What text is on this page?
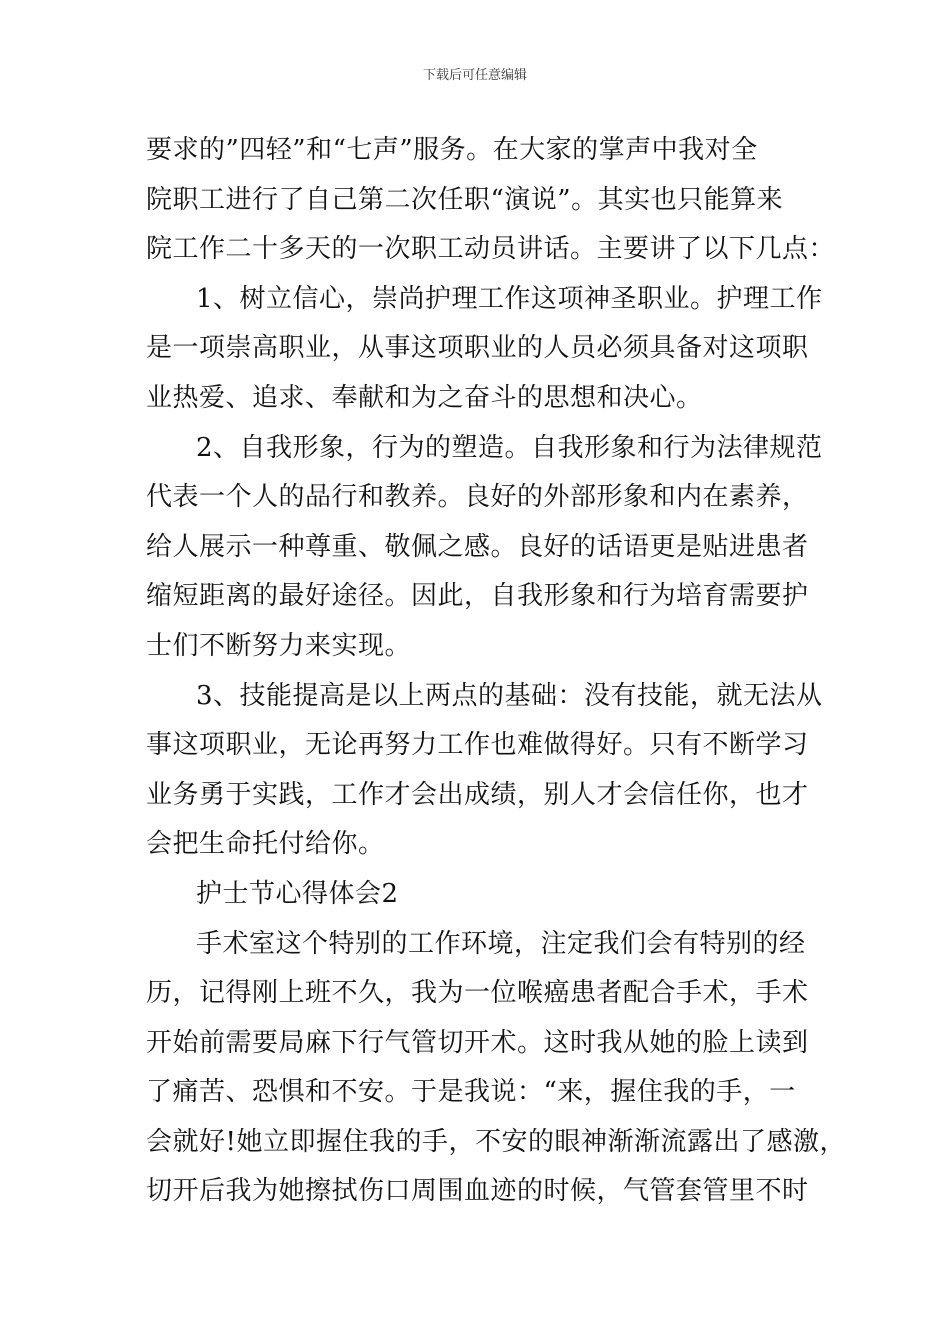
下载后可任意编辑
要求的”四轻”和“七声”服务。在大家的掌声中我对全
院职工进行了自己第二次任职“演说”。其实也只能算来
院工作二十多天的一次职工动员讲话。主要讲了以下几点：
1、树立信心，崇尚护理工作这项神圣职业。护理工作
是一项崇高职业，从事这项职业的人员必须具备对这项职
业热爱、追求、奉献和为之奋斗的思想和决心。
2、自我形象，行为的塑造。自我形象和行为法律规范
代表一个人的品行和教养。良好的外部形象和内在素养，
给人展示一种尊重、敬佩之感。良好的话语更是贴进患者
缩短距离的最好途径。因此，自我形象和行为培育需要护
士们不断努力来实现。
3、技能提高是以上两点的基础：没有技能，就无法从
事这项职业，无论再努力工作也难做得好。只有不断学习
业务勇于实践，工作才会出成绩，别人才会信任你，也才
会把生命托付给你。
护士节心得体会2
手术室这个特别的工作环境，注定我们会有特别的经
历，记得刚上班不久，我为一位喉癌患者配合手术，手术
开始前需要局麻下行气管切开术。这时我从她的脸上读到
了痛苦、恐惧和不安。于是我说：“来，握住我的手，一
会就好!她立即握住我的手，不安的眼神渐渐流露出了感激，
切开后我为她擦拭伤口周围血迹的时候，气管套管里不时
